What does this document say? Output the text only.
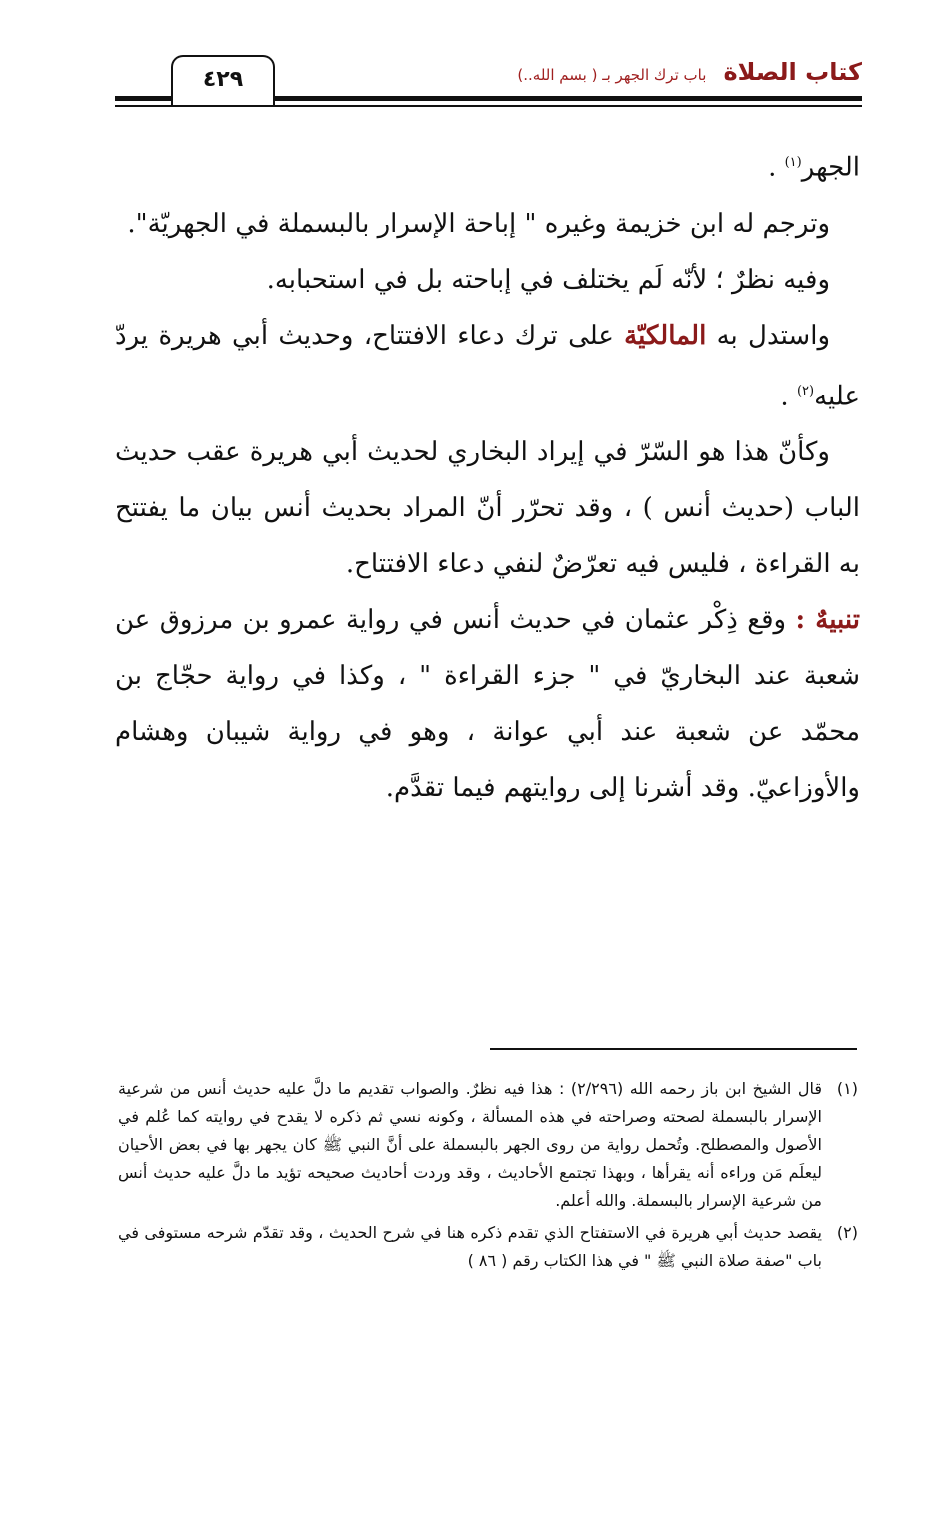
٤٢٩	كتاب الصلاة باب ترك الجهر بـ ( بسم الله..)

الجهر$^{(١)}$ .

وترجم له ابن خزيمة وغيره " إباحة الإسرار بالبسملة في الجهريّة".

وفيه نظرٌ ؛ لأنّه لَم يختلف في إباحته بل في استحبابه.

واستدل به المالكيّة على ترك دعاء الافتتاح، وحديث أبي هريرة يردّ عليه$^{(٢)}$ .

وكأنّ هذا هو السّرّ في إيراد البخاري لحديث أبي هريرة عقب حديث الباب (حديث أنس ) ، وقد تحرّر أنّ المراد بحديث أنس بيان ما يفتتح به القراءة ، فليس فيه تعرّضٌ لنفي دعاء الافتتاح.

تنبيهٌ : وقع ذِكْر عثمان في حديث أنس في رواية عمرو بن مرزوق عن شعبة عند البخاريّ في " جزء القراءة " ، وكذا في رواية حجّاج بن محمّد عن شعبة عند أبي عوانة ، وهو في رواية شيبان وهشام والأوزاعيّ. وقد أشرنا إلى روايتهم فيما تقدَّم.

(١)
قال الشيخ ابن باز رحمه الله (٢/٢٩٦) : هذا فيه نظرٌ. والصواب تقديم ما دلَّ عليه حديث أنس من شرعية الإسرار بالبسملة لصحته وصراحته في هذه المسألة ، وكونه نسي ثم ذكره لا يقدح في روايته كما عُلم في الأصول والمصطلح. وتُحمل رواية من روى الجهر بالبسملة على أنَّ النبي ﷺ كان يجهر بها في بعض الأحيان ليعلَم مَن وراءه أنه يقرأها ، وبهذا تجتمع الأحاديث ، وقد وردت أحاديث صحيحه تؤيد ما دلَّ عليه حديث أنس من شرعية الإسرار بالبسملة. والله أعلم.

(٢)
يقصد حديث أبي هريرة في الاستفتاح الذي تقدم ذكره هنا في شرح الحديث ، وقد تقدّم شرحه مستوفى في باب "صفة صلاة النبي ﷺ " في هذا الكتاب رقم ( ٨٦ )
